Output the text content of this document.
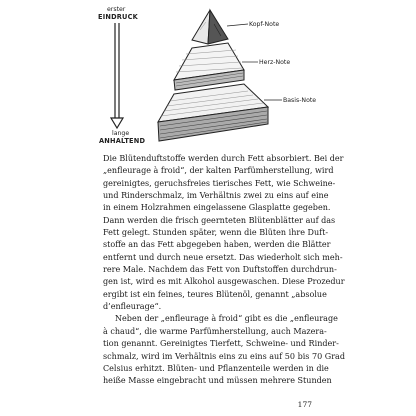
erster
EINDRUCK
lange
ANHALTEND
Kopf-Note
Herz-Note
Basis-Note
Die Blütenduftstoffe werden durch Fett absorbiert. Bei der
„enfleurage à froid“, der kalten Parfümherstellung, wird
gereinigtes, geruchsfreies tierisches Fett, wie Schweine-
und Rinderschmalz, im Verhältnis zwei zu eins auf eine
in einem Holzrahmen eingelassene Glasplatte gegeben.
Dann werden die frisch geernteten Blütenblätter auf das
Fett gelegt. Stunden später, wenn die Blüten ihre Duft-
stoffe an das Fett abgegeben haben, werden die Blätter
entfernt und durch neue ersetzt. Das wiederholt sich meh-
rere Male. Nachdem das Fett von Duftstoffen durchdrun-
gen ist, wird es mit Alkohol ausgewaschen. Diese Prozedur
ergibt ist ein feines, teures Blütenöl, genannt „absolue
d’enfleurage“.
Neben der „enfleurage à froid“ gibt es die „enfleurage
à chaud“, die warme Parfümherstellung, auch Mazera-
tion genannt. Gereinigtes Tierfett, Schweine- und Rinder-
schmalz, wird im Verhältnis eins zu eins auf 50 bis 70 Grad
Celsius erhitzt. Blüten- und Pflanzenteile werden in die
heiße Masse eingebracht und müssen mehrere Stunden
177
